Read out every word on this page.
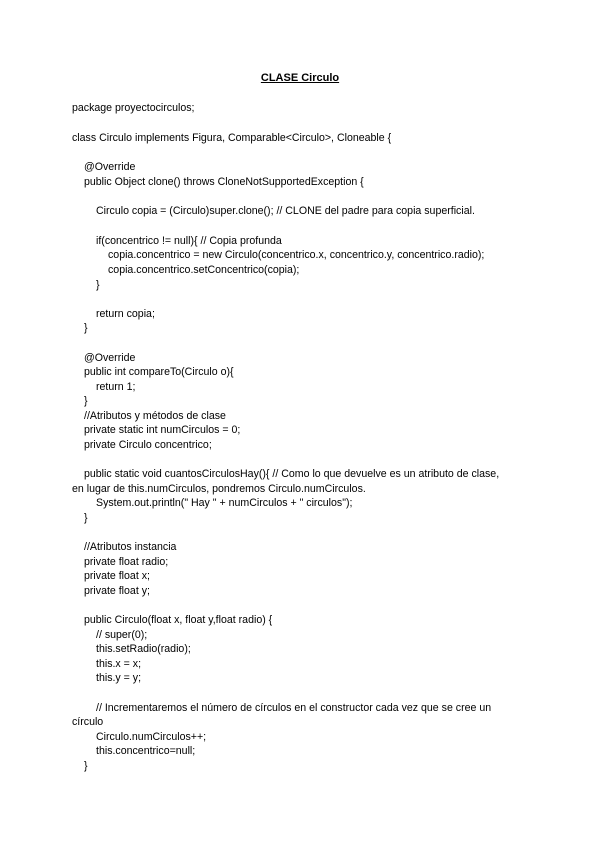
CLASE Circulo
package proyectocirculos;
class Circulo implements Figura, Comparable<Circulo>, Cloneable {
@Override
public Object clone() throws CloneNotSupportedException {
Circulo copia = (Circulo)super.clone(); // CLONE del padre para copia superficial.
if(concentrico != null){ // Copia profunda
copia.concentrico = new Circulo(concentrico.x, concentrico.y, concentrico.radio);
copia.concentrico.setConcentrico(copia);
}
return copia;
}
@Override
public int compareTo(Circulo o){
return 1;
}
//Atributos y métodos de clase
private static int numCirculos = 0;
private Circulo concentrico;
public static void cuantosCirculosHay(){ // Como lo que devuelve es un atributo de clase,
en lugar de this.numCirculos, pondremos Circulo.numCirculos.
System.out.println(" Hay " + numCirculos + " circulos");
}
//Atributos instancia
private float radio;
private float x;
private float y;
public Circulo(float x, float y,float radio) {
// super(0);
this.setRadio(radio);
this.x = x;
this.y = y;
// Incrementaremos el número de círculos en el constructor cada vez que se cree un
círculo
Circulo.numCirculos++;
this.concentrico=null;
}
